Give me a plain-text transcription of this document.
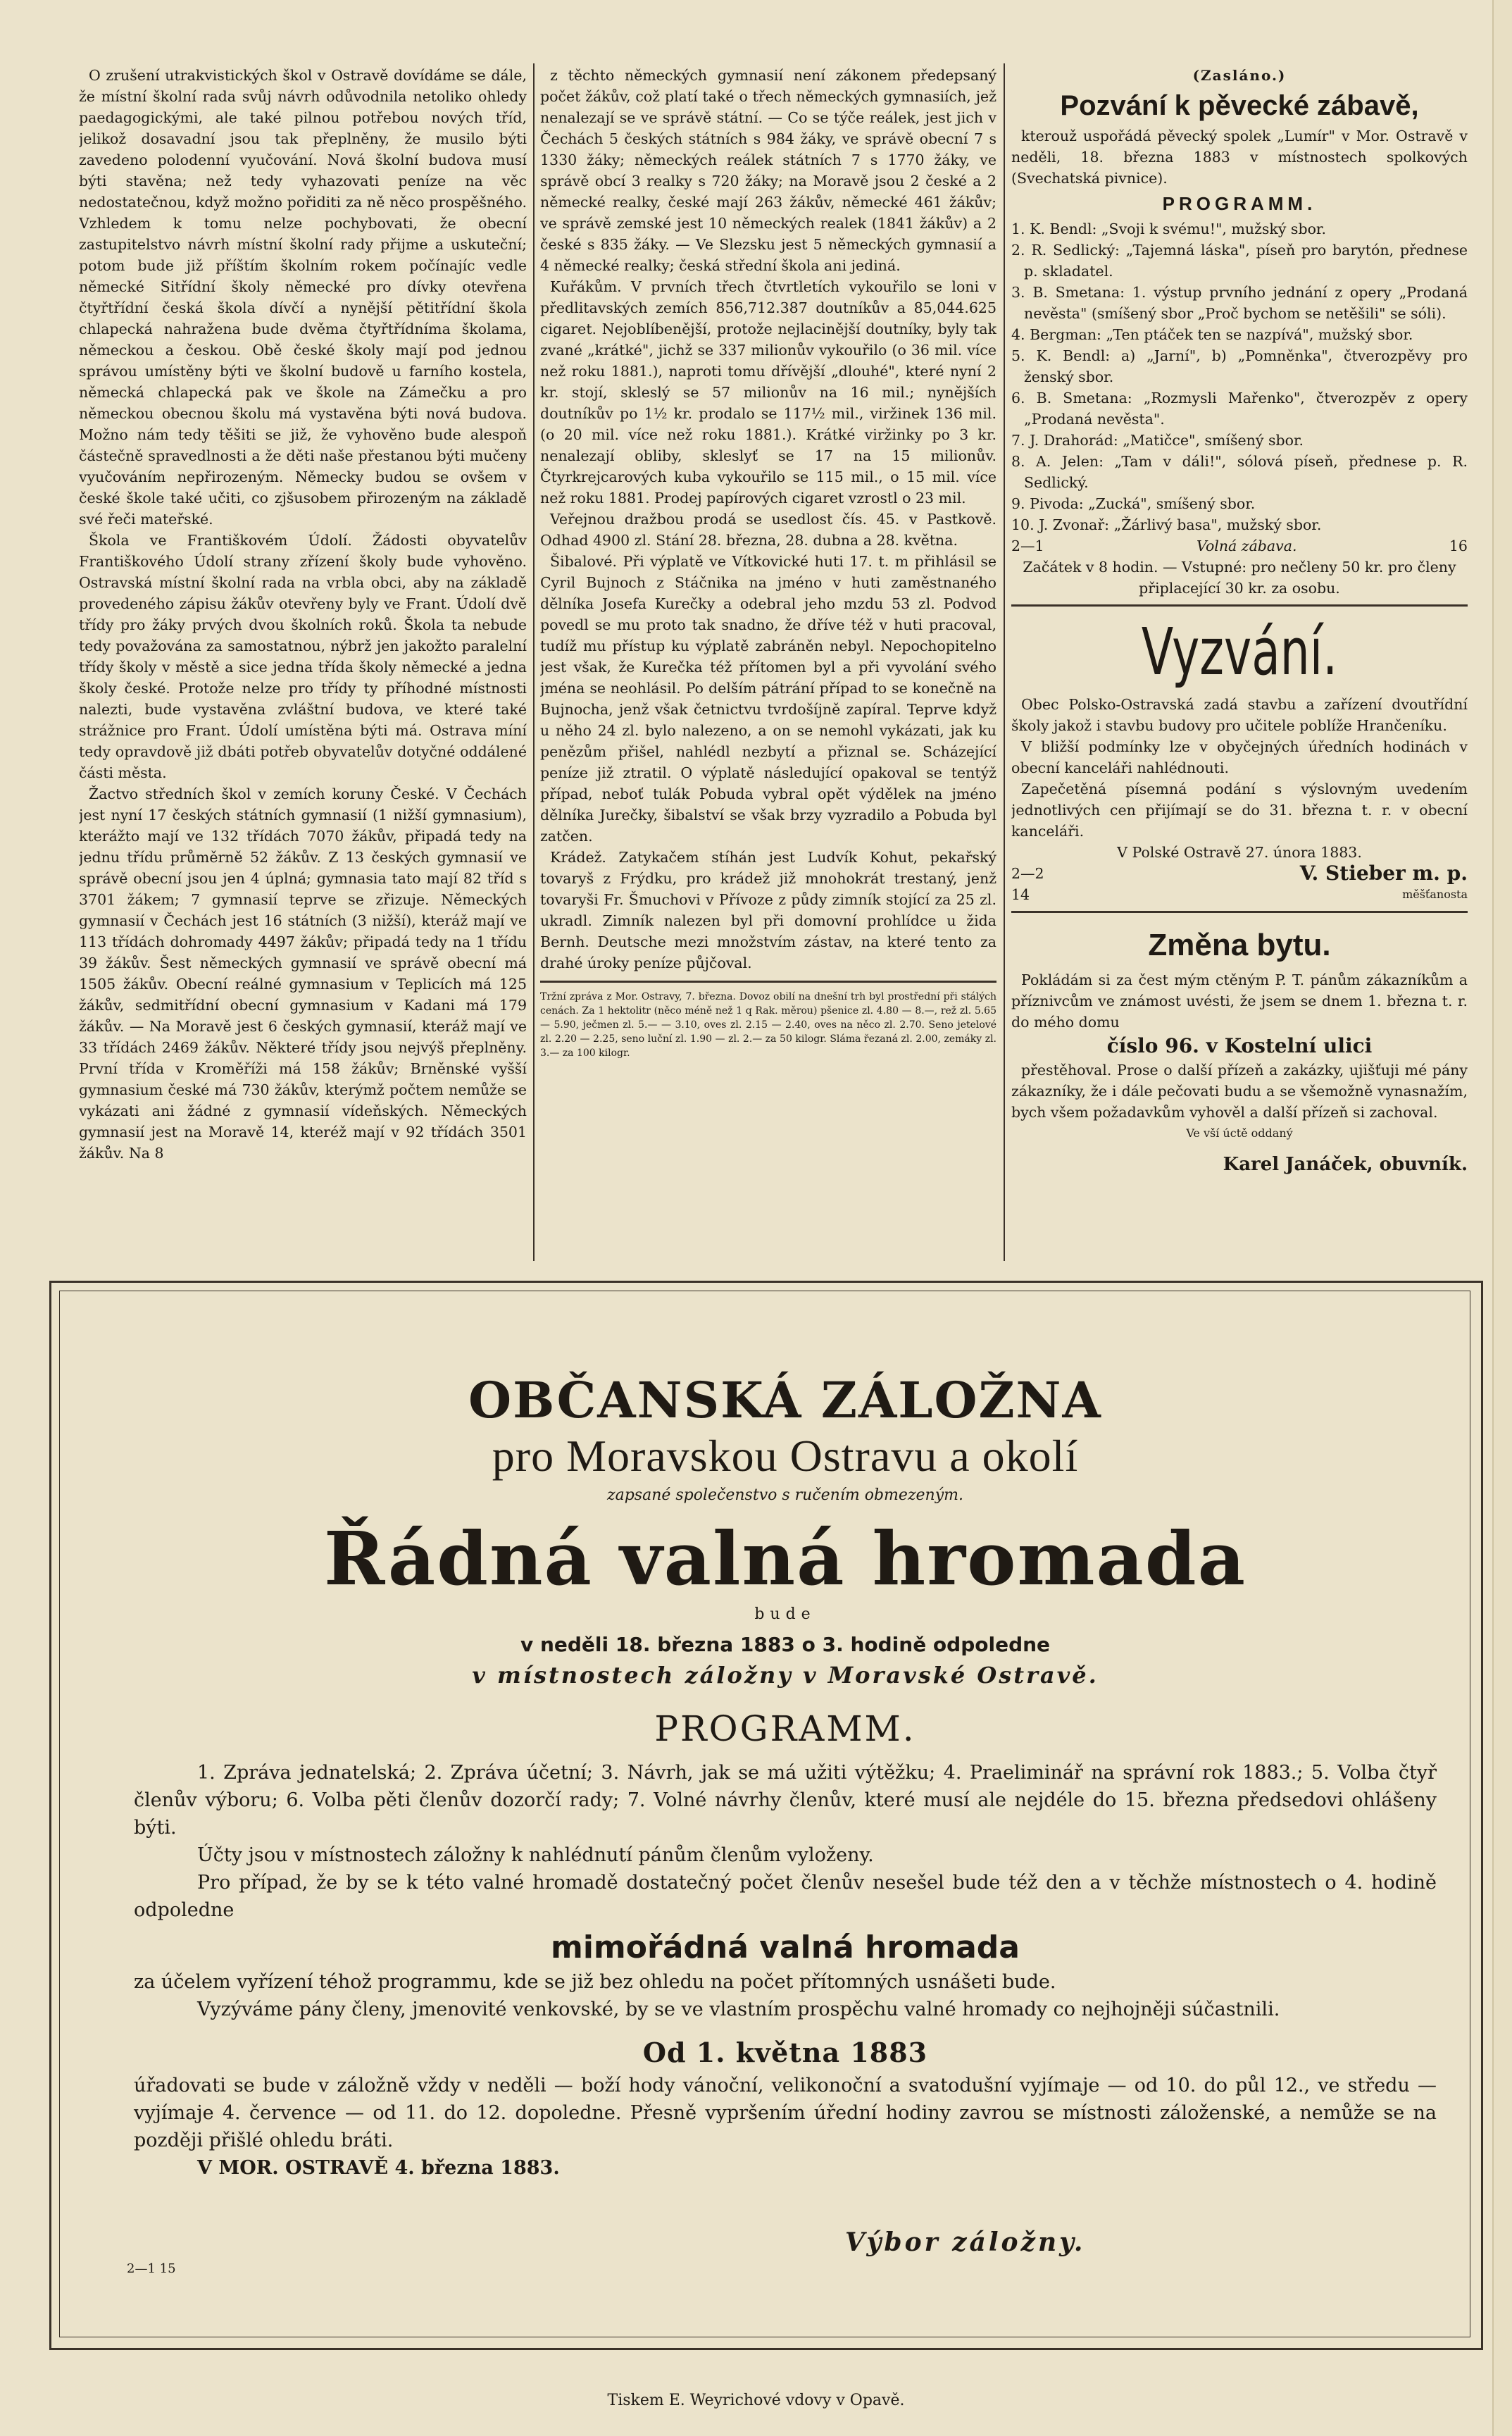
O zrušení utrakvistických škol v Ostravě dovídáme se dále, že místní školní rada svůj návrh odůvodnila netoliko ohledy paedagogickými, ale také pilnou potřebou nových tříd, jelikož dosavadní jsou tak přeplněny, že musilo býti zavedeno polodenní vyučování. Nová školní budova musí býti stavěna; než tedy vyhazovati peníze na věc nedostatečnou, když možno pořiditi za ně něco prospěšného. Vzhledem k tomu nelze pochybovati, že obecní zastupitelstvo návrh místní školní rady přijme a uskuteční; potom bude již příštím školním rokem počínajíc vedle německé Sitřídní školy německé pro dívky otevřena čtyřtřídní česká škola dívčí a nynější pětitřídní škola chlapecká nahražena bude dvěma čtyřtřídníma školama, německou a českou. Obě české školy mají pod jednou správou umístěny býti ve školní budově u farního kostela, německá chlapecká pak ve škole na Zámečku a pro německou obecnou školu má vystavěna býti nová budova. Možno nám tedy těšiti se již, že vyhověno bude alespoň částečně spravedlnosti a že děti naše přestanou býti mučeny vyučováním nepřirozeným. Německy budou se ovšem v české škole také učiti, co zjšusobem přirozeným na základě své řeči mateřské.

Škola ve Františkovém Údolí. Žádosti obyvatelův Františkového Údolí strany zřízení školy bude vyhověno. Ostravská místní školní rada na vrbla obci, aby na základě provedeného zápisu žákův otevřeny byly ve Frant. Údolí dvě třídy pro žáky prvých dvou školních roků. Škola ta nebude tedy považována za samostatnou, nýbrž jen jakožto paralelní třídy školy v městě a sice jedna třída školy německé a jedna školy české. Protože nelze pro třídy ty příhodné místnosti nalezti, bude vystavěna zvláštní budova, ve které také strážnice pro Frant. Údolí umístěna býti má. Ostrava míní tedy opravdově již dbáti potřeb obyvatelův dotyčné oddálené části města.

Žactvo středních škol v zemích koruny České. V Čechách jest nyní 17 českých státních gymnasií (1 nižší gymnasium), kterážto mají ve 132 třídách 7070 žákův, připadá tedy na jednu třídu průměrně 52 žákův. Z 13 českých gymnasií ve správě obecní jsou jen 4 úplná; gymnasia tato mají 82 tříd s 3701 žákem; 7 gymnasií teprve se zřizuje. Německých gymnasií v Čechách jest 16 státních (3 nižší), kteráž mají ve 113 třídách dohromady 4497 žákův; připadá tedy na 1 třídu 39 žákův. Šest německých gymnasií ve správě obecní má 1505 žákův. Obecní reálné gymnasium v Teplicích má 125 žákův, sedmitřídní obecní gymnasium v Kadani má 179 žákův. — Na Moravě jest 6 českých gymnasií, kteráž mají ve 33 třídách 2469 žákův. Některé třídy jsou nejvýš přeplněny. První třída v Kroměříži má 158 žákův; Brněnské vyšší gymnasium české má 730 žákův, kterýmž počtem nemůže se vykázati ani žádné z gymnasií vídeňských. Německých gymnasií jest na Moravě 14, kteréž mají v 92 třídách 3501 žákův. Na 8

z těchto německých gymnasií není zákonem předepsaný počet žákův, což platí také o třech německých gymnasiích, jež nenalezají se ve správě státní. — Co se týče reálek, jest jich v Čechách 5 českých státních s 984 žáky, ve správě obecní 7 s 1330 žáky; německých reálek státních 7 s 1770 žáky, ve správě obcí 3 realky s 720 žáky; na Moravě jsou 2 české a 2 německé realky, české mají 263 žákův, německé 461 žákův; ve správě zemské jest 10 německých realek (1841 žákův) a 2 české s 835 žáky. — Ve Slezsku jest 5 německých gymnasií a 4 německé realky; česká střední škola ani jediná.

Kuřákům. V prvních třech čtvrtletích vykouřilo se loni v předlitavských zemích 856,712.387 doutníkův a 85,044.625 cigaret. Nejoblíbenější, protože nejlacinější doutníky, byly tak zvané „krátké", jichž se 337 milionův vykouřilo (o 36 mil. více než roku 1881.), naproti tomu dřívější „dlouhé", které nyní 2 kr. stojí, skleslý se 57 milionův na 16 mil.; nynějších doutníkův po 1½ kr. prodalo se 117½ mil., viržinek 136 mil. (o 20 mil. více než roku 1881.). Krátké viržinky po 3 kr. nenalezají obliby, skleslyť se 17 na 15 milionův. Čtyrkrejcarových kuba vykouřilo se 115 mil., o 15 mil. více než roku 1881. Prodej papírových cigaret vzrostl o 23 mil.

Veřejnou dražbou prodá se usedlost čís. 45. v Pastkově. Odhad 4900 zl. Stání 28. března, 28. dubna a 28. května.

Šibalové. Při výplatě ve Vítkovické huti 17. t. m přihlásil se Cyril Bujnoch z Stáčnika na jméno v huti zaměstnaného dělníka Josefa Kurečky a odebral jeho mzdu 53 zl. Podvod povedl se mu proto tak snadno, že dříve též v huti pracoval, tudíž mu přístup ku výplatě zabráněn nebyl. Nepochopitelno jest však, že Kurečka též přítomen byl a při vyvolání svého jména se neohlásil. Po delším pátrání případ to se konečně na Bujnocha, jenž však četnictvu tvrdošíjně zapíral. Teprve když u něho 24 zl. bylo nalezeno, a on se nemohl vykázati, jak ku penězům přišel, nahlédl nezbytí a přiznal se. Scházející peníze již ztratil. O výplatě následující opakoval se tentýž případ, neboť tulák Pobuda vybral opět výdělek na jméno dělníka Jurečky, šibalství se však brzy vyzradilo a Pobuda byl zatčen.

Krádež. Zatykačem stíhán jest Ludvík Kohut, pekařský tovaryš z Frýdku, pro krádež již mnohokrát trestaný, jenž tovaryši Fr. Šmuchovi v Přívoze z půdy zimník stojící za 25 zl. ukradl. Zimník nalezen byl při domovní prohlídce u žida Bernh. Deutsche mezi množstvím zástav, na které tento za drahé úroky peníze půjčoval.

Tržní zpráva z Mor. Ostravy, 7. března. Dovoz obilí na dnešní trh byl prostřední při stálých cenách. Za 1 hektolitr (něco méně než 1 q Rak. měrou) pšenice zl. 4.80 — 8.—, rež zl. 5.65 — 5.90, ječmen zl. 5.— — 3.10, oves zl. 2.15 — 2.40, oves na něco zl. 2.70. Seno jetelové zl. 2.20 — 2.25, seno luční zl. 1.90 — zl. 2.— za 50 kilogr. Sláma řezaná zl. 2.00, zemáky zl. 3.— za 100 kilogr.
(Zasláno.)
Pozvání k pěvecké zábavě,

kterouž uspořádá pěvecký spolek „Lumír" v Mor. Ostravě v neděli, 18. března 1883 v místnostech spolkových (Svechatská pivnice).

PROGRAMM.
1. K. Bendl: „Svoji k svému!", mužský sbor.
2. R. Sedlický: „Tajemná láska", píseň pro barytón, přednese p. skladatel.
3. B. Smetana: 1. výstup prvního jednání z opery „Prodaná nevěsta" (smíšený sbor „Proč bychom se netěšili" se sóli).
4. Bergman: „Ten ptáček ten se nazpívá", mužský sbor.
5. K. Bendl: a) „Jarní", b) „Pomněnka", čtverozpěvy pro ženský sbor.
6. B. Smetana: „Rozmysli Mařenko", čtverozpěv z opery „Prodaná nevěsta".
7. J. Drahorád: „Matičce", smíšený sbor.
8. A. Jelen: „Tam v dáli!", sólová píseň, přednese p. R. Sedlický.
9. Pivoda: „Zucká", smíšený sbor.
10. J. Zvonař: „Žárlivý basa", mužský sbor.
2—1	Volná zábava.	16
Začátek v 8 hodin. — Vstupné: pro nečleny 50 kr. pro členy připlacející 30 kr. za osobu.
Vyzvání.

Obec Polsko-Ostravská zadá stavbu a zařízení dvoutřídní školy jakož i stavbu budovy pro učitele poblíže Hrančeníku.

V bližší podmínky lze v obyčejných úředních hodinách v obecní kanceláři nahlédnouti.

Zapečetěná písemná podání s výslovným uvedením jednotlivých cen přijímají se do 31. března t. r. v obecní kanceláři.

V Polské Ostravě 27. února 1883.
2—2	V. Stieber m. p.
14	měšťanosta
Změna bytu.

Pokládám si za čest mým ctěným P. T. pánům zákazníkům a příznivcům ve známost uvésti, že jsem se dnem 1. března t. r. do mého domu

číslo 96. v Kostelní ulici

přestěhoval. Prose o další přízeň a zakázky, ujišťuji mé pány zákazníky, že i dále pečovati budu a se všemožně vynasnažím, bych všem požadavkům vyhověl a další přízeň si zachoval.

Ve vší úctě oddaný
Karel Janáček, obuvník.
OBČANSKÁ ZÁLOŽNA
pro Moravskou Ostravu a okolí
zapsané společenstvo s ručením obmezeným.
Řádná valná hromada
bude
v neděli 18. března 1883 o 3. hodině odpoledne
v místnostech záložny v Moravské Ostravě.
PROGRAMM.

1. Zpráva jednatelská; 2. Zpráva účetní; 3. Návrh, jak se má užiti výtěžku; 4. Praeliminář na správní rok 1883.; 5. Volba čtyř členův výboru; 6. Volba pěti členův dozorčí rady; 7. Volné návrhy členův, které musí ale nejdéle do 15. března předsedovi ohlášeny býti.

Účty jsou v místnostech záložny k nahlédnutí pánům členům vyloženy.

Pro případ, že by se k této valné hromadě dostatečný počet členův nesešel bude též den a v těchže místnostech o 4. hodině odpoledne

mimořádná valná hromada

za účelem vyřízení téhož programmu, kde se již bez ohledu na počet přítomných usnášeti bude.

Vyzýváme pány členy, jmenovité venkovské, by se ve vlastním prospěchu valné hromady co nejhojněji súčastnili.

Od 1. května 1883

úřadovati se bude v záložně vždy v neděli — boží hody vánoční, velikonoční a svatodušní vyjímaje — od 10. do půl 12., ve středu — vyjímaje 4. července — od 11. do 12. dopoledne. Přesně vypršením úřední hodiny zavrou se místnosti záloženské, a nemůže se na později přišlé ohledu bráti.

V MOR. OSTRAVĚ 4. března 1883.

Výbor záložny.
2—1 15
Tiskem E. Weyrichové vdovy v Opavě.
